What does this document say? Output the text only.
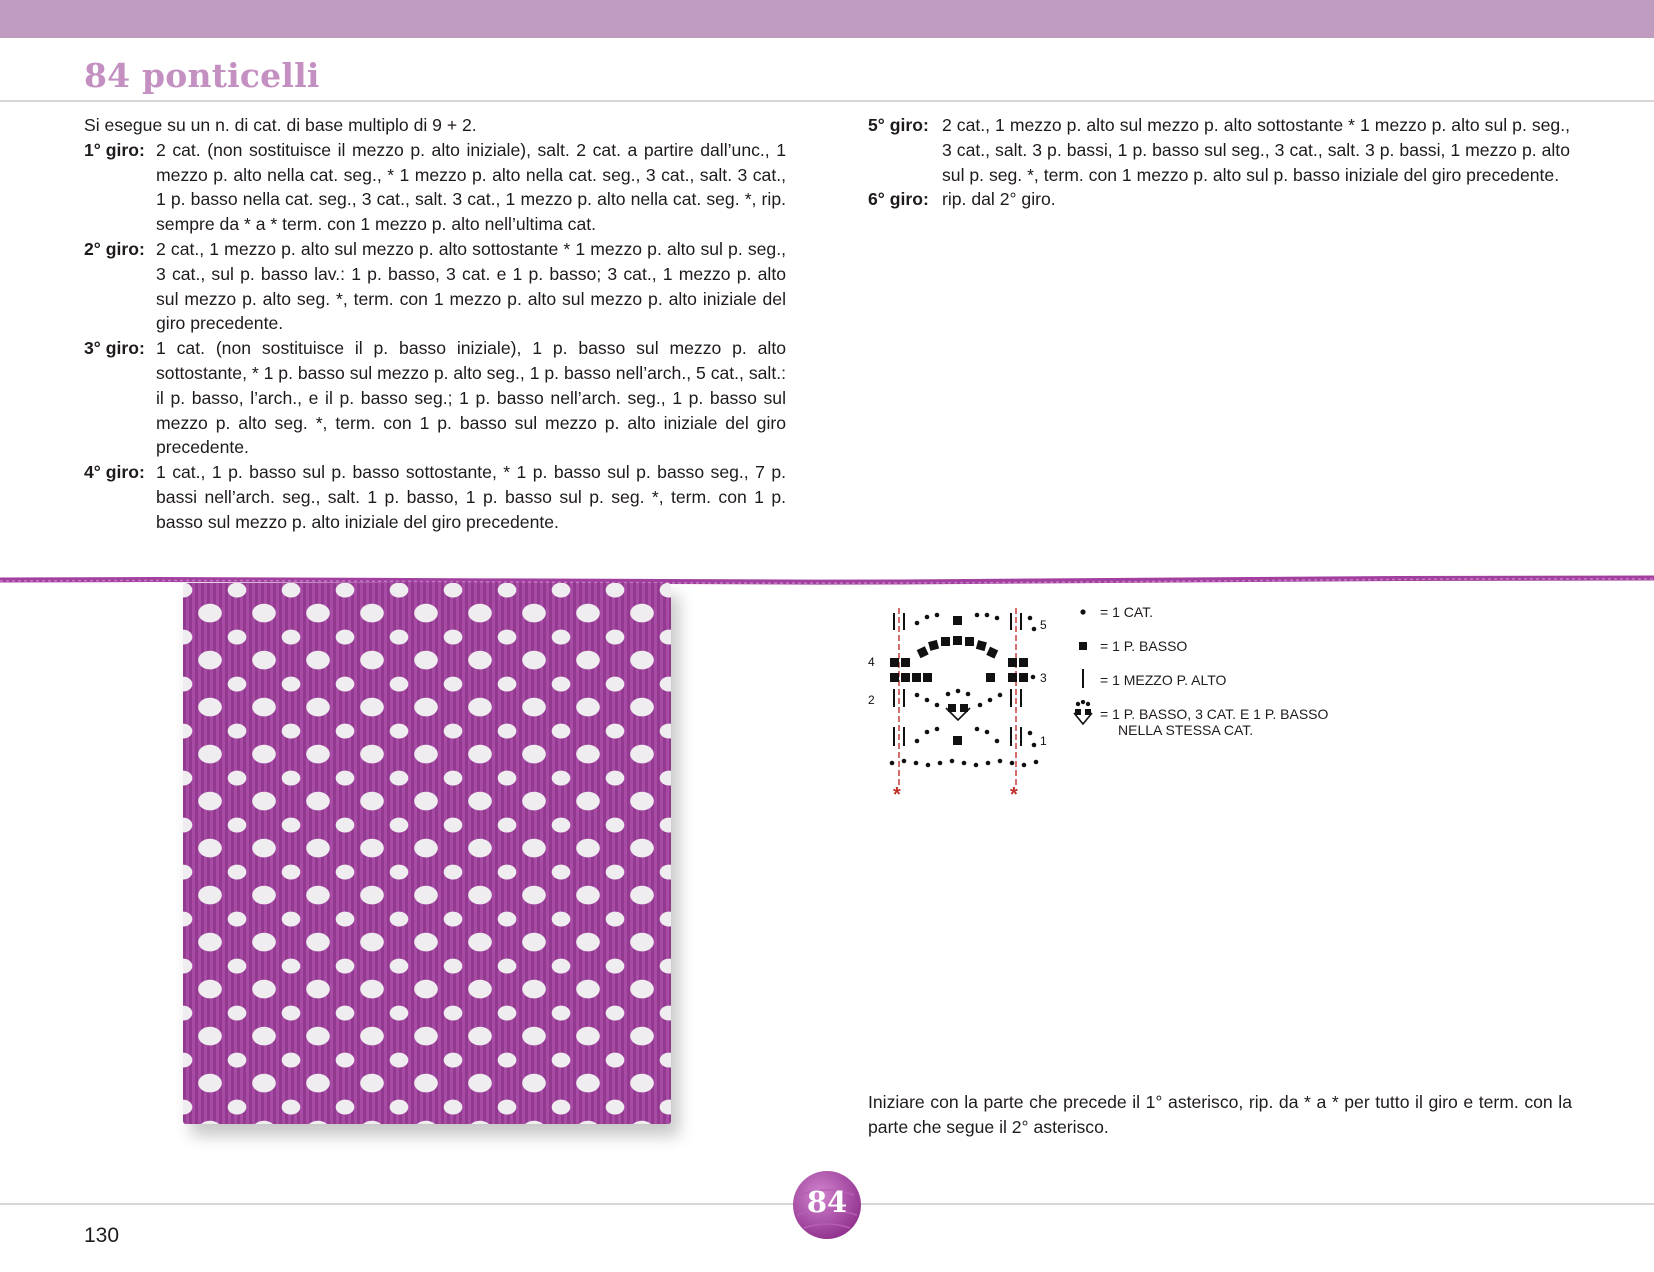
84 ponticelli

Si esegue su un n. di cat. di base multiplo di 9 + 2.

1° giro: 2 cat. (non sostituisce il mezzo p. alto iniziale), salt. 2 cat. a partire dall’unc., 1 mezzo p. alto nella cat. seg., * 1 mezzo p. alto nella cat. seg., 3 cat., salt. 3 cat., 1 p. basso nella cat. seg., 3 cat., salt. 3 cat., 1 mezzo p. alto nella cat. seg. *, rip. sempre da * a * term. con 1 mezzo p. alto nell’ultima cat.
2° giro: 2 cat., 1 mezzo p. alto sul mezzo p. alto sottostante * 1 mezzo p. alto sul p. seg., 3 cat., sul p. basso lav.: 1 p. basso, 3 cat. e 1 p. basso; 3 cat., 1 mezzo p. alto sul mezzo p. alto seg. *, term. con 1 mezzo p. alto sul mezzo p. alto iniziale del giro precedente.
3° giro: 1 cat. (non sostituisce il p. basso iniziale), 1 p. basso sul mezzo p. alto sottostante, * 1 p. basso sul mezzo p. alto seg., 1 p. basso nell’arch., 5 cat., salt.: il p. basso, l’arch., e il p. basso seg.; 1 p. basso nell’arch. seg., 1 p. basso sul mezzo p. alto seg. *, term. con 1 p. basso sul mezzo p. alto iniziale del giro precedente.
4° giro: 1 cat., 1 p. basso sul p. basso sottostante, * 1 p. basso sul p. basso seg., 7 p. bassi nell’arch. seg., salt. 1 p. basso, 1 p. basso sul p. seg. *, term. con 1 p. basso sul mezzo p. alto iniziale del giro precedente.
5° giro: 2 cat., 1 mezzo p. alto sul mezzo p. alto sottostante * 1 mezzo p. alto sul p. seg., 3 cat., salt. 3 p. bassi, 1 p. basso sul seg., 3 cat., salt. 3 p. bassi, 1 mezzo p. alto sul p. seg. *, term. con 1 mezzo p. alto sul p. basso iniziale del giro precedente.
6° giro: rip. dal 2° giro.
5
4
3
2
1
*	*
= 1 CAT.
= 1 P. BASSO
= 1 MEZZO P. ALTO
= 1 P. BASSO, 3 CAT. E 1 P. BASSO
NELLA STESSA CAT.

Iniziare con la parte che precede il 1° asterisco, rip. da * a * per tutto il giro e term. con la parte che segue il 2° asterisco.

130
84
